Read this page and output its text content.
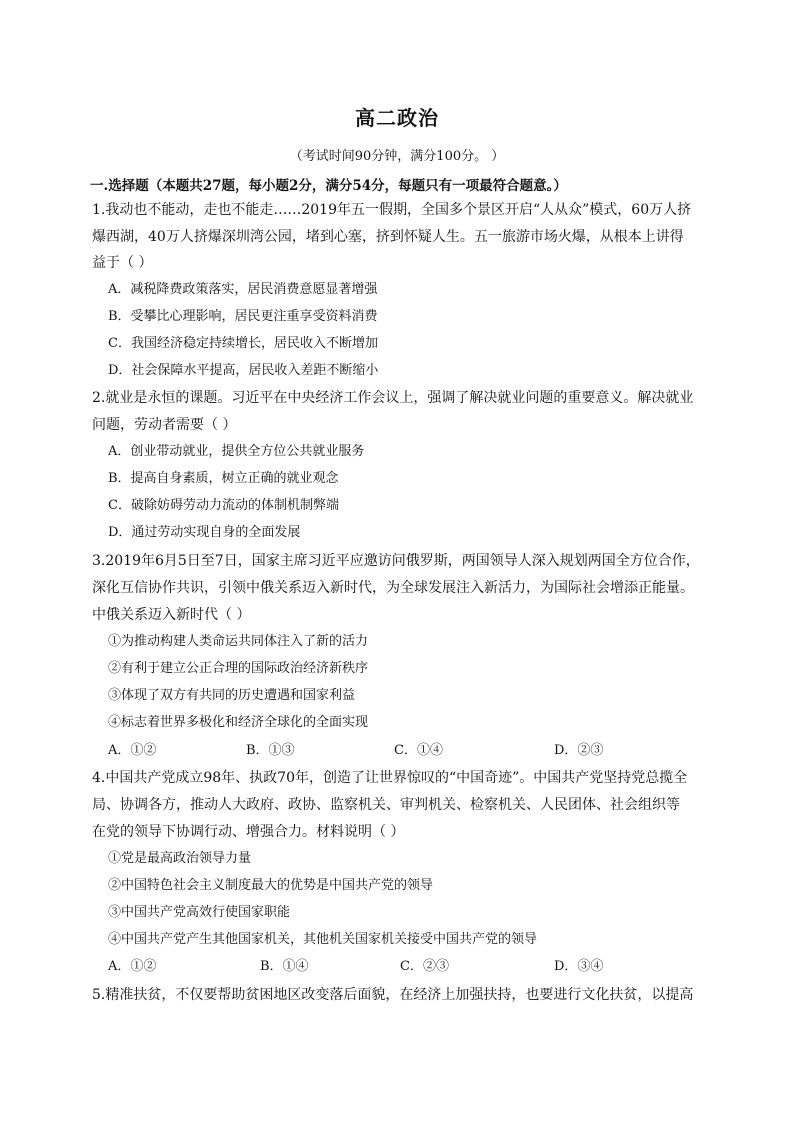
高二政治
（考试时间90分钟，满分100分。 ）
一.选择题（本题共27题，每小题2分，满分54分，每题只有一项最符合题意。）
1.我动也不能动，走也不能走……2019年五一假期，全国多个景区开启“人从众”模式，60万人挤
爆西湖，40万人挤爆深圳湾公园，堵到心塞，挤到怀疑人生。五一旅游市场火爆，从根本上讲得
益于（ ）
A．减税降费政策落实，居民消费意愿显著增强
B．受攀比心理影响，居民更注重享受资料消费
C．我国经济稳定持续增长，居民收入不断增加
D．社会保障水平提高，居民收入差距不断缩小
2.就业是永恒的课题。习近平在中央经济工作会议上，强调了解决就业问题的重要意义。解决就业
问题，劳动者需要（ ）
A．创业带动就业，提供全方位公共就业服务
B．提高自身素质，树立正确的就业观念
C．破除妨碍劳动力流动的体制机制弊端
D．通过劳动实现自身的全面发展
3.2019年6月5日至7日，国家主席习近平应邀访问俄罗斯，两国领导人深入规划两国全方位合作，
深化互信协作共识，引领中俄关系迈入新时代，为全球发展注入新活力，为国际社会增添正能量。
中俄关系迈入新时代（ ）
①为推动构建人类命运共同体注入了新的活力
②有利于建立公正合理的国际政治经济新秩序
③体现了双方有共同的历史遭遇和国家利益
④标志着世界多极化和经济全球化的全面实现
A．①②	B．①③	C．①④	D．②③
4.中国共产党成立98年、执政70年，创造了让世界惊叹的“中国奇迹”。中国共产党坚持党总揽全
局、协调各方，推动人大政府、政协、监察机关、审判机关、检察机关、人民团体、社会组织等
在党的领导下协调行动、增强合力。材料说明（ ）
①党是最高政治领导力量
②中国特色社会主义制度最大的优势是中国共产党的领导
③中国共产党高效行使国家职能
④中国共产党产生其他国家机关，其他机关国家机关接受中国共产党的领导
A．①②	B．①④	C．②③	D．③④
5.精准扶贫，不仅要帮助贫困地区改变落后面貌，在经济上加强扶持，也要进行文化扶贫，以提高
